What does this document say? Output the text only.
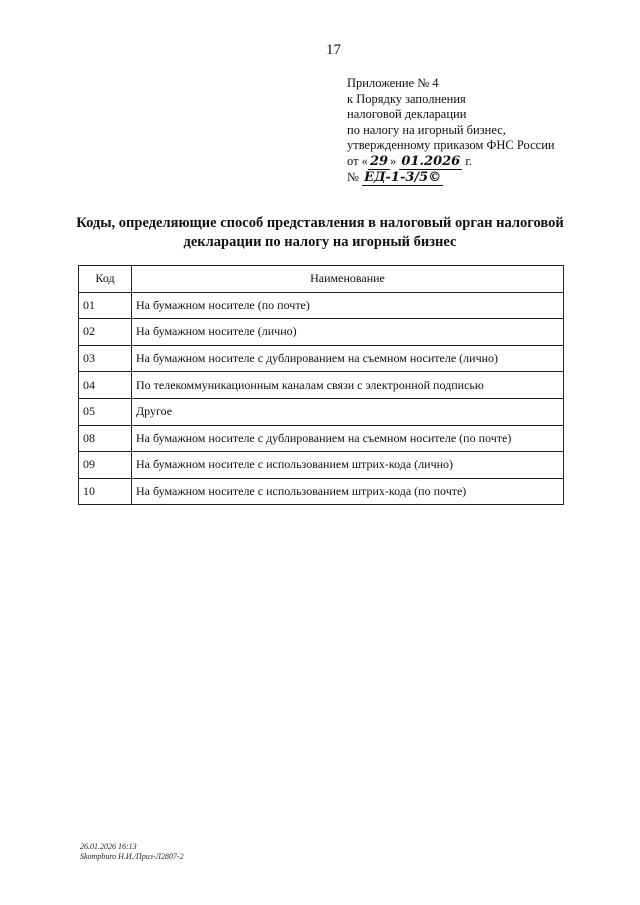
17
Приложение № 4
к Порядку заполнения
налоговой декларации
по налогу на игорный бизнес,
утвержденному приказом ФНС России
от « 29 » 01.2026 г.
№ ЕД-1-3/5©
Коды, определяющие способ представления в налоговый орган налоговой
декларации по налогу на игорный бизнес
Код	Наименование
01	На бумажном носителе (по почте)
02	На бумажном носителе (лично)
03	На бумажном носителе с дублированием на съемном носителе (лично)
04	По телекоммуникационным каналам связи с электронной подписью
05	Другое
08	На бумажном носителе с дублированием на съемном носителе (по почте)
09	На бумажном носителе с использованием штрих-кода (лично)
10	На бумажном носителе с использованием штрих-кода (по почте)
26.01.2026 16:13
Skompburo Н.И./Приз-Л2807-2
